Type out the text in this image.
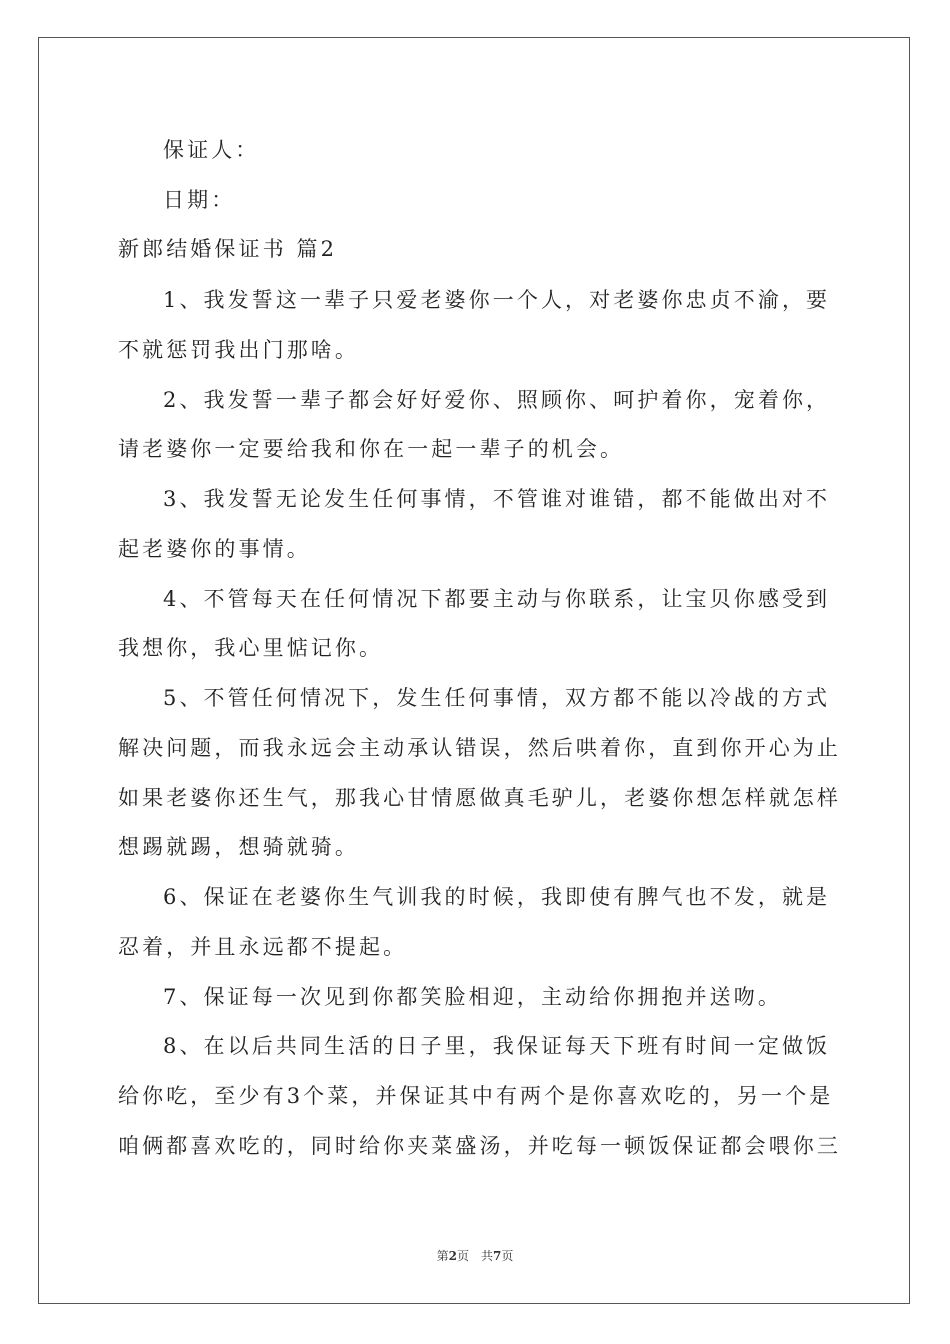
保证人：
日期：
新郎结婚保证书 篇2
1、我发誓这一辈子只爱老婆你一个人，对老婆你忠贞不渝，要
不就惩罚我出门那啥。
2、我发誓一辈子都会好好爱你、照顾你、呵护着你，宠着你，
请老婆你一定要给我和你在一起一辈子的机会。
3、我发誓无论发生任何事情，不管谁对谁错，都不能做出对不
起老婆你的事情。
4、不管每天在任何情况下都要主动与你联系，让宝贝你感受到
我想你，我心里惦记你。
5、不管任何情况下，发生任何事情，双方都不能以冷战的方式
解决问题，而我永远会主动承认错误，然后哄着你，直到你开心为止
如果老婆你还生气，那我心甘情愿做真毛驴儿，老婆你想怎样就怎样
想踢就踢，想骑就骑。
6、保证在老婆你生气训我的时候，我即使有脾气也不发，就是
忍着，并且永远都不提起。
7、保证每一次见到你都笑脸相迎，主动给你拥抱并送吻。
8、在以后共同生活的日子里，我保证每天下班有时间一定做饭
给你吃，至少有3个菜，并保证其中有两个是你喜欢吃的，另一个是
咱俩都喜欢吃的，同时给你夹菜盛汤，并吃每一顿饭保证都会喂你三
第2页　共7页
